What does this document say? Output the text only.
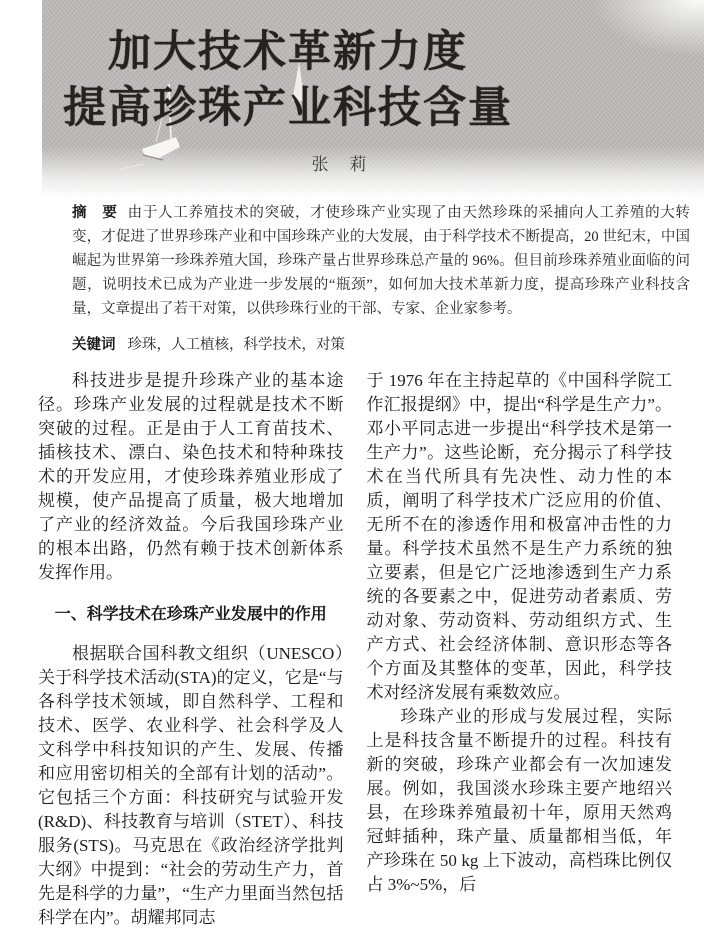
加大技术革新力度
提高珍珠产业科技含量
张　莉

摘　要 由于人工养殖技术的突破，才使珍珠产业实现了由天然珍珠的采捕向人工养殖的大转变，才促进了世界珍珠产业和中国珍珠产业的大发展，由于科学技术不断提高，20 世纪末，中国崛起为世界第一珍珠养殖大国，珍珠产量占世界珍珠总产量的 96%。但目前珍珠养殖业面临的问题，说明技术已成为产业进一步发展的“瓶颈”，如何加大技术革新力度，提高珍珠产业科技含量，文章提出了若干对策，以供珍珠行业的干部、专家、企业家参考。

关键词 珍珠，人工植核，科学技术，对策

科技进步是提升珍珠产业的基本途径。珍珠产业发展的过程就是技术不断突破的过程。正是由于人工育苗技术、插核技术、漂白、染色技术和特种珠技术的开发应用，才使珍珠养殖业形成了规模，使产品提高了质量，极大地增加了产业的经济效益。今后我国珍珠产业的根本出路，仍然有赖于技术创新体系发挥作用。

一、科学技术在珍珠产业发展中的作用

根据联合国科教文组织（UNESCO）关于科学技术活动(STA)的定义，它是“与各科学技术领域，即自然科学、工程和技术、医学、农业科学、社会科学及人文科学中科技知识的产生、发展、传播和应用密切相关的全部有计划的活动”。它包括三个方面：科技研究与试验开发(R&D)、科技教育与培训（STET）、科技服务(STS)。马克思在《政治经济学批判大纲》中提到：“社会的劳动生产力，首先是科学的力量”，“生产力里面当然包括科学在内”。胡耀邦同志

于 1976 年在主持起草的《中国科学院工作汇报提纲》中，提出“科学是生产力”。邓小平同志进一步提出“科学技术是第一生产力”。这些论断，充分揭示了科学技术在当代所具有先决性、动力性的本质，阐明了科学技术广泛应用的价值、无所不在的渗透作用和极富冲击性的力量。科学技术虽然不是生产力系统的独立要素，但是它广泛地渗透到生产力系统的各要素之中，促进劳动者素质、劳动对象、劳动资料、劳动组织方式、生产方式、社会经济体制、意识形态等各个方面及其整体的变革，因此，科学技术对经济发展有乘数效应。

珍珠产业的形成与发展过程，实际上是科技含量不断提升的过程。科技有新的突破，珍珠产业都会有一次加速发展。例如，我国淡水珍珠主要产地绍兴县，在珍珠养殖最初十年，原用天然鸡冠蚌插种，珠产量、质量都相当低，年产珍珠在 50 kg 上下波动，高档珠比例仅占 3%~5%，后
